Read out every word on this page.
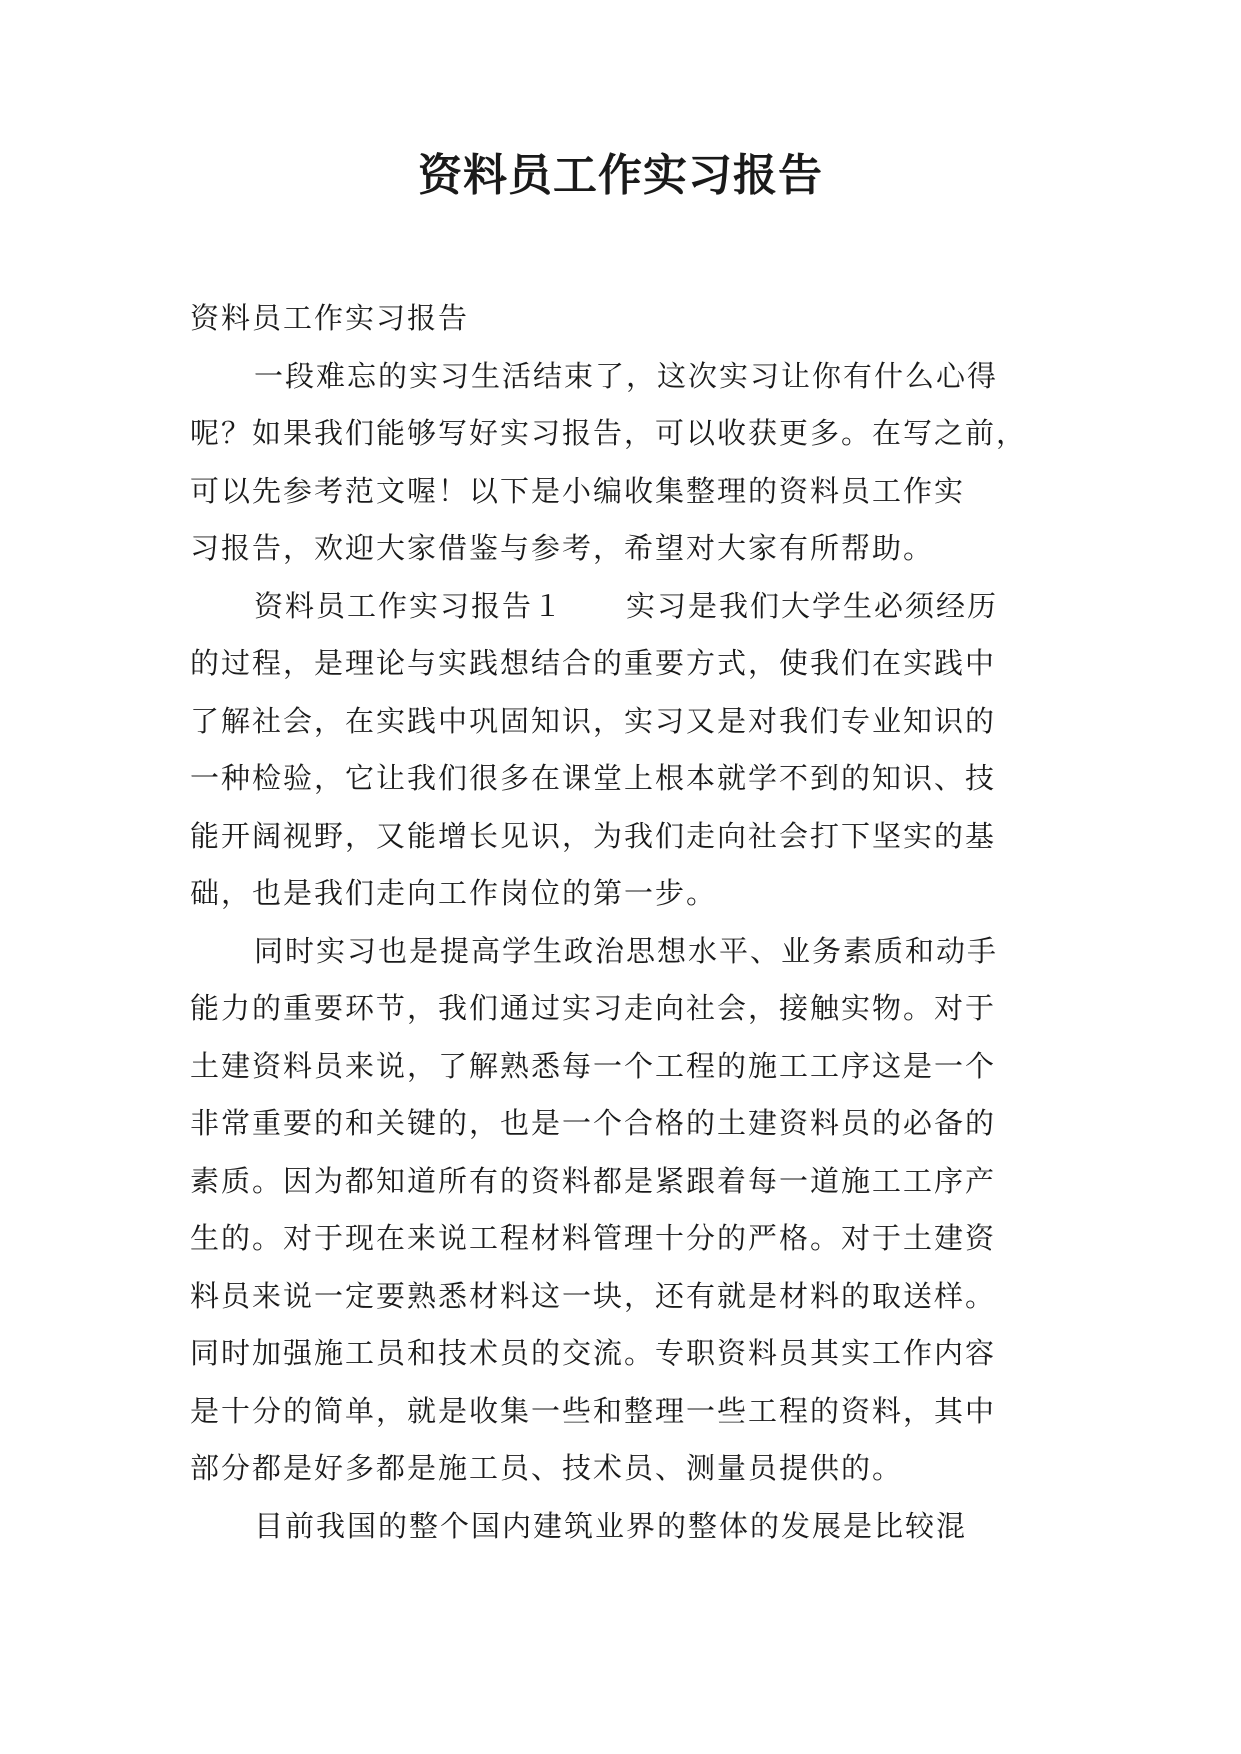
资料员工作实习报告
资料员工作实习报告
一段难忘的实习生活结束了，这次实习让你有什么心得
呢？如果我们能够写好实习报告，可以收获更多。在写之前，
可以先参考范文喔！以下是小编收集整理的资料员工作实
习报告，欢迎大家借鉴与参考，希望对大家有所帮助。
资料员工作实习报告１　　实习是我们大学生必须经历
的过程，是理论与实践想结合的重要方式，使我们在实践中
了解社会，在实践中巩固知识，实习又是对我们专业知识的
一种检验，它让我们很多在课堂上根本就学不到的知识、技
能开阔视野，又能增长见识，为我们走向社会打下坚实的基
础，也是我们走向工作岗位的第一步。
同时实习也是提高学生政治思想水平、业务素质和动手
能力的重要环节，我们通过实习走向社会，接触实物。对于
土建资料员来说，了解熟悉每一个工程的施工工序这是一个
非常重要的和关键的，也是一个合格的土建资料员的必备的
素质。因为都知道所有的资料都是紧跟着每一道施工工序产
生的。对于现在来说工程材料管理十分的严格。对于土建资
料员来说一定要熟悉材料这一块，还有就是材料的取送样。
同时加强施工员和技术员的交流。专职资料员其实工作内容
是十分的简单，就是收集一些和整理一些工程的资料，其中
部分都是好多都是施工员、技术员、测量员提供的。
目前我国的整个国内建筑业界的整体的发展是比较混
